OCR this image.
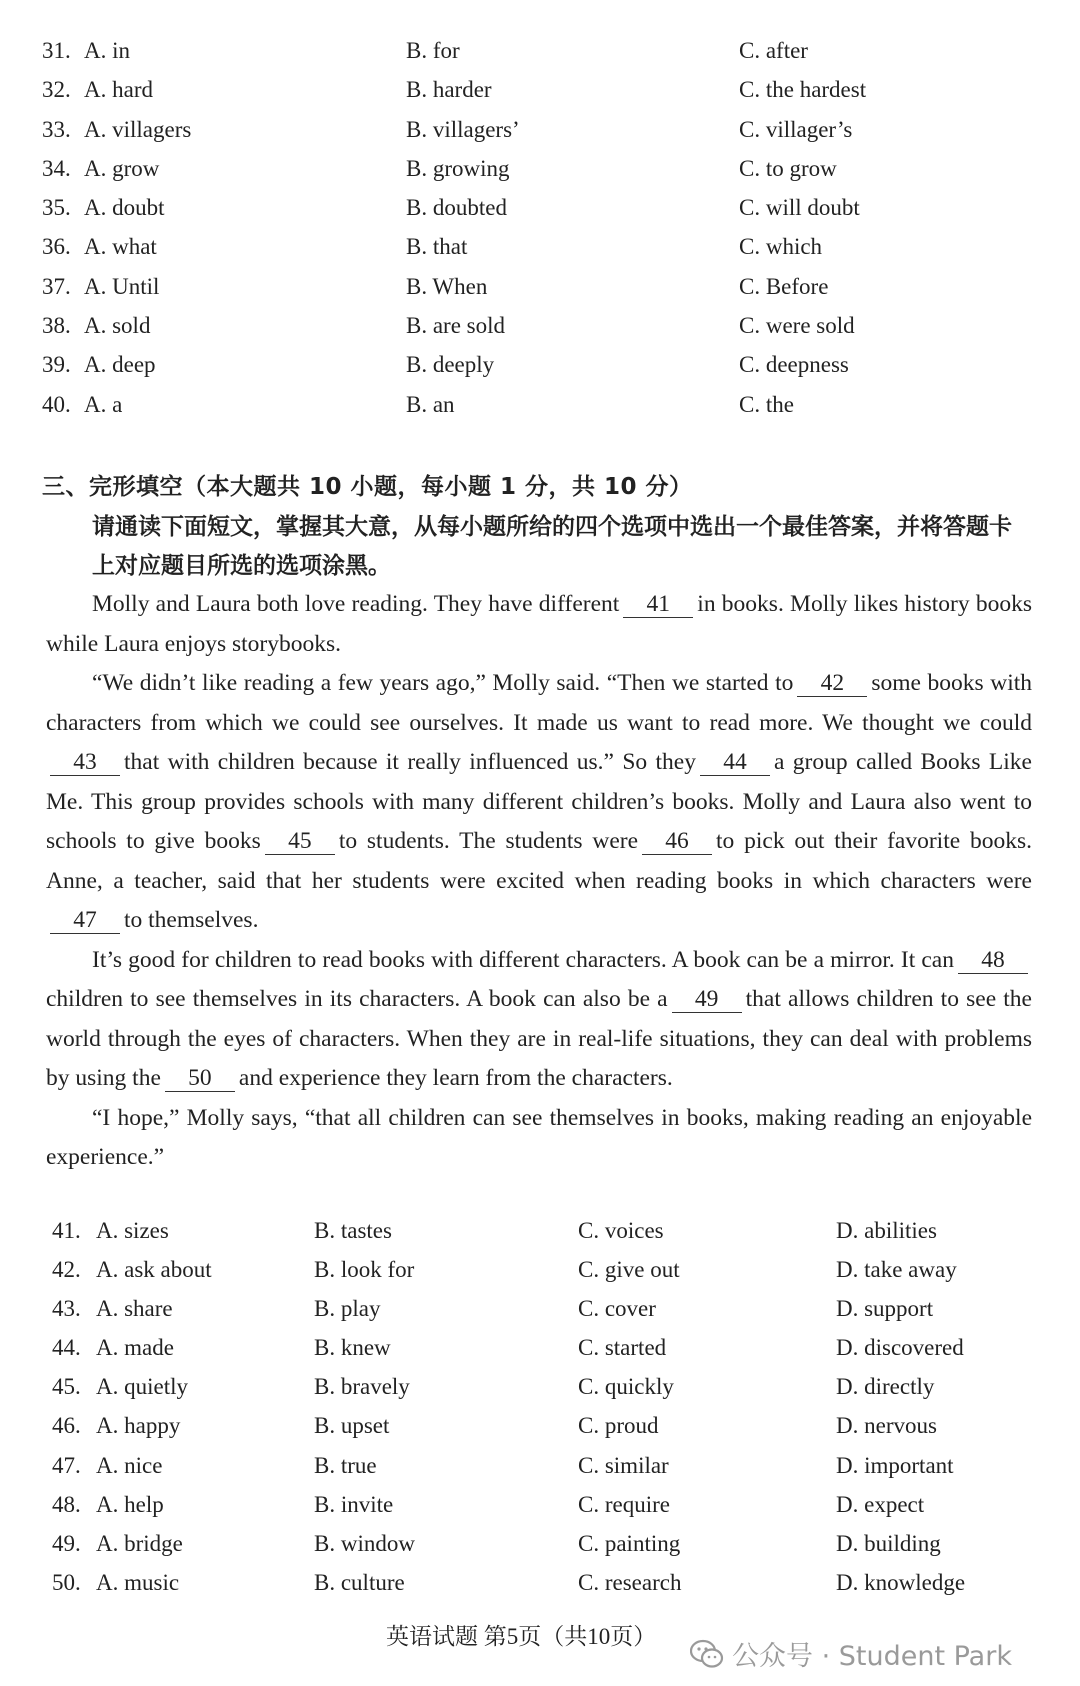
31. A. in	B. for	C. after
32. A. hard	B. harder	C. the hardest
33. A. villagers	B. villagers’	C. villager’s
34. A. grow	B. growing	C. to grow
35. A. doubt	B. doubted	C. will doubt
36. A. what	B. that	C. which
37. A. Until	B. When	C. Before
38. A. sold	B. are sold	C. were sold
39. A. deep	B. deeply	C. deepness
40. A. a	B. an	C. the
三、完形填空（本大题共 10 小题，每小题 1 分，共 10 分）
请通读下面短文，掌握其大意，从每小题所给的四个选项中选出一个最佳答案，并将答题卡上对应题目所选的选项涂黑。

Molly and Laura both love reading. They have different 41 in books. Molly likes history books while Laura enjoys storybooks.

“We didn’t like reading a few years ago,” Molly said. “Then we started to 42 some books with characters from which we could see ourselves. It made us want to read more. We thought we could43 that with children because it really influenced us.” So they 44 a group called Books Like Me. This group provides schools with many different children’s books. Molly and Laura also went to schools to give books 45 to students. The students were 46 to pick out their favorite books. Anne, a teacher, said that her students were excited when reading books in which characters were47 to themselves.

It’s good for children to read books with different characters. A book can be a mirror. It can 48children to see themselves in its characters. A book can also be a 49 that allows children to see the world through the eyes of characters. When they are in real-life situations, they can deal with problems by using the 50 and experience they learn from the characters.

“I hope,” Molly says, “that all children can see themselves in books, making reading an enjoyable experience.”

41. A. sizes	B. tastes	C. voices	D. abilities
42. A. ask about	B. look for	C. give out	D. take away
43. A. share	B. play	C. cover	D. support
44. A. made	B. knew	C. started	D. discovered
45. A. quietly	B. bravely	C. quickly	D. directly
46. A. happy	B. upset	C. proud	D. nervous
47. A. nice	B. true	C. similar	D. important
48. A. help	B. invite	C. require	D. expect
49. A. bridge	B. window	C. painting	D. building
50. A. music	B. culture	C. research	D. knowledge
英语试题 第5页（共10页）
公众号 · Student Park
